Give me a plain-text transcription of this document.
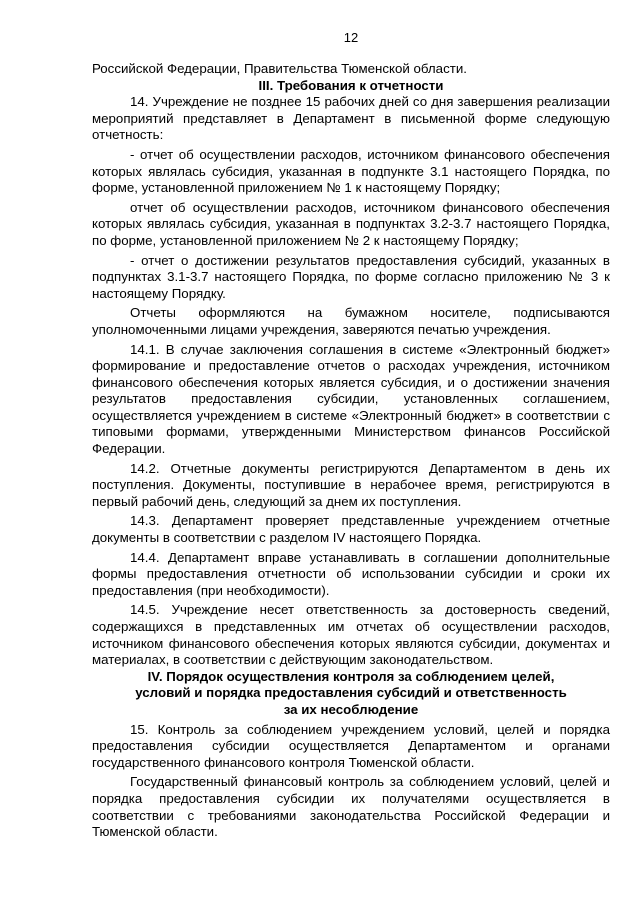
12

Российской Федерации, Правительства Тюменской области.

III. Требования к отчетности

14. Учреждение не позднее 15 рабочих дней со дня завершения реализации мероприятий представляет в Департамент в письменной форме следующую отчетность:

- отчет об осуществлении расходов, источником финансового обеспечения которых являлась субсидия, указанная в подпункте 3.1 настоящего Порядка, по форме, установленной приложением № 1 к настоящему Порядку;

отчет об осуществлении расходов, источником финансового обеспечения которых являлась субсидия, указанная в подпунктах 3.2-3.7 настоящего Порядка, по форме, установленной приложением № 2 к настоящему Порядку;

- отчет о достижении результатов предоставления субсидий, указанных в подпунктах 3.1-3.7 настоящего Порядка, по форме согласно приложению № 3 к настоящему Порядку.

Отчеты оформляются на бумажном носителе, подписываются уполномоченными лицами учреждения, заверяются печатью учреждения.

14.1. В случае заключения соглашения в системе «Электронный бюджет» формирование и предоставление отчетов о расходах учреждения, источником финансового обеспечения которых является субсидия, и о достижении значения результатов предоставления субсидии, установленных соглашением, осуществляется учреждением в системе «Электронный бюджет» в соответствии с типовыми формами, утвержденными Министерством финансов Российской Федерации.

14.2. Отчетные документы регистрируются Департаментом в день их поступления. Документы, поступившие в нерабочее время, регистрируются в первый рабочий день, следующий за днем их поступления.

14.3. Департамент проверяет представленные учреждением отчетные документы в соответствии с разделом IV настоящего Порядка.

14.4. Департамент вправе устанавливать в соглашении дополнительные формы предоставления отчетности об использовании субсидии и сроки их предоставления (при необходимости).

14.5. Учреждение несет ответственность за достоверность сведений, содержащихся в представленных им отчетах об осуществлении расходов, источником финансового обеспечения которых являются субсидии, документах и материалах, в соответствии с действующим законодательством.

IV. Порядок осуществления контроля за соблюдением целей,

условий и порядка предоставления субсидий и ответственность

за их несоблюдение

15. Контроль за соблюдением учреждением условий, целей и порядка предоставления субсидии осуществляется Департаментом и органами государственного финансового контроля Тюменской области.

Государственный финансовый контроль за соблюдением условий, целей и порядка предоставления субсидии их получателями осуществляется в соответствии с требованиями законодательства Российской Федерации и Тюменской области.
